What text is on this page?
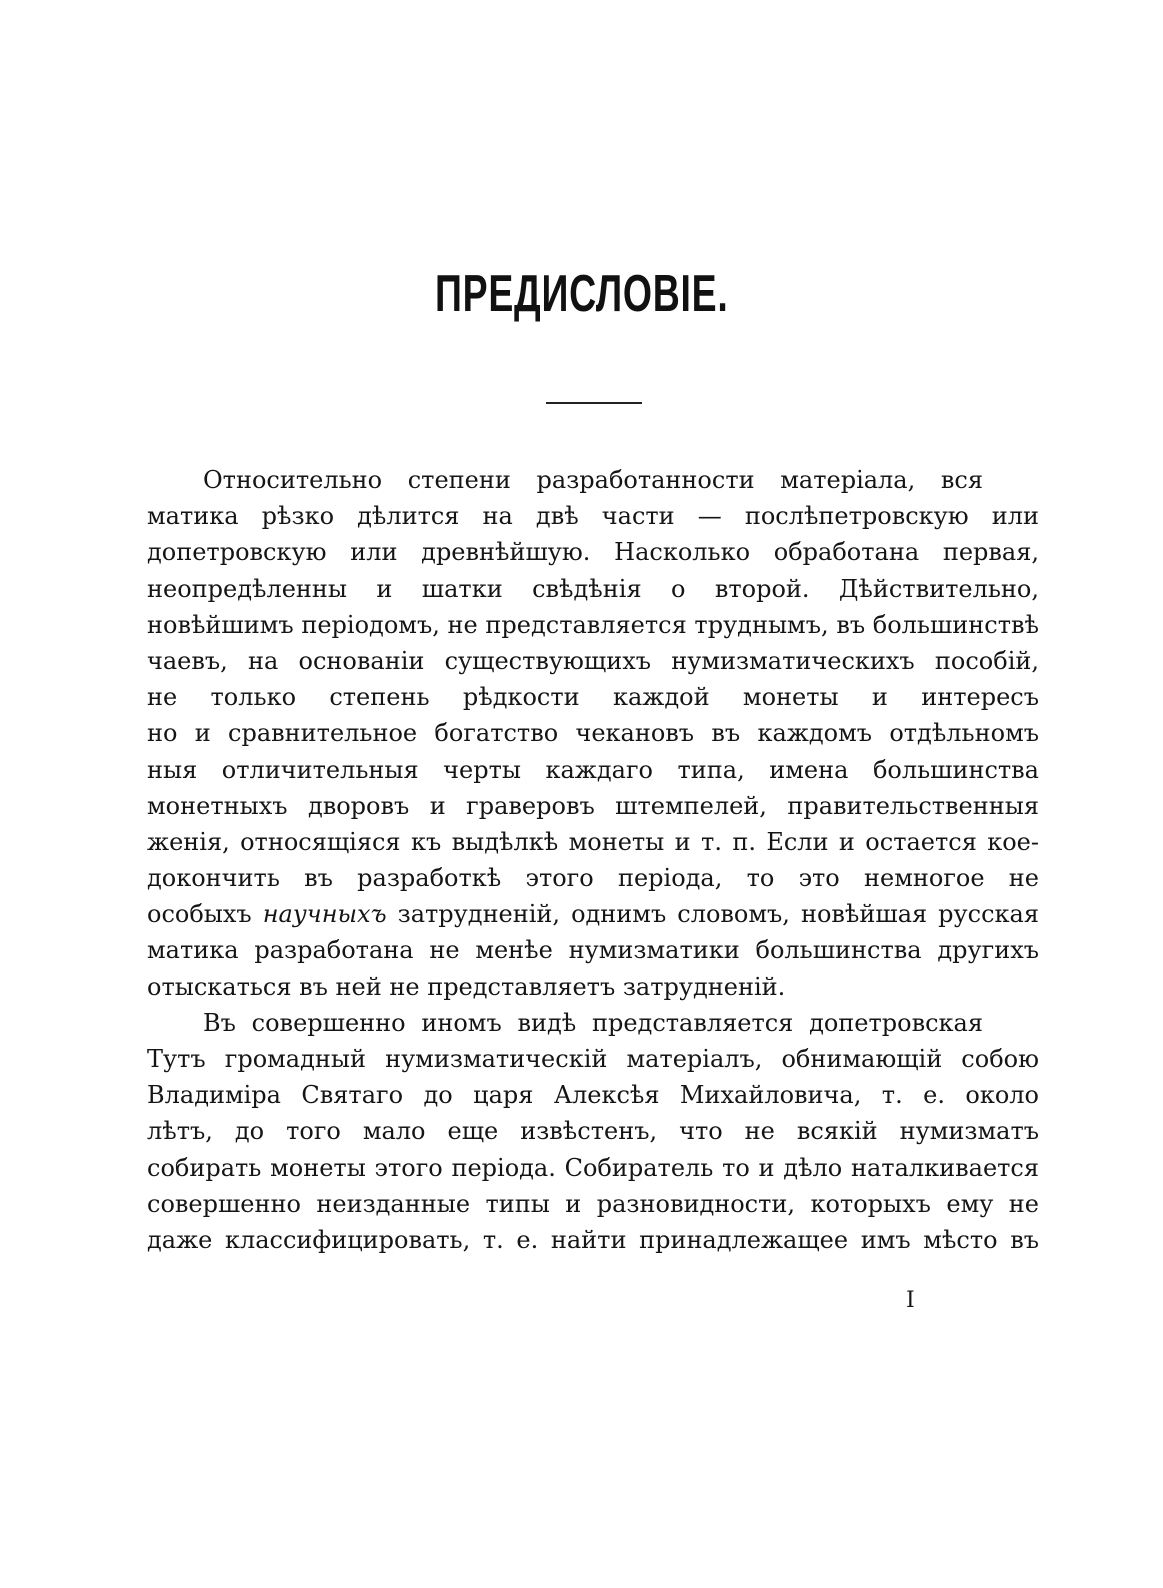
ПРЕДИСЛОВІЕ.
Относительно степени разработанности матеріала, вся
матика рѣзко дѣлится на двѣ части — послѣпетровскую или
допетровскую или древнѣйшую. Насколько обработана первая,
неопредѣленны и шатки свѣдѣнія о второй. Дѣйствительно,
новѣйшимъ періодомъ, не представляется труднымъ, въ большинствѣ
чаевъ, на основаніи существующихъ нумизматическихъ пособій,
не только степень рѣдкости каждой монеты и интересъ
но и сравнительное богатство чекановъ въ каждомъ отдѣльномъ
ныя отличительныя черты каждаго типа, имена большинства
монетныхъ дворовъ и граверовъ штемпелей, правительственныя
женія, относящіяся къ выдѣлкѣ монеты и т. п. Если и остается кое-
докончить въ разработкѣ этого періода, то это немногое не
особыхъ научныхъ затрудненій, однимъ словомъ, новѣйшая русская
матика разработана не менѣе нумизматики большинства другихъ
отыскаться въ ней не представляетъ затрудненій.
Въ совершенно иномъ видѣ представляется допетровская
Тутъ громадный нумизматическій матеріалъ, обнимающій собою
Владиміра Святаго до царя Алексѣя Михайловича, т. е. около
лѣтъ, до того мало еще извѣстенъ, что не всякій нумизматъ
собирать монеты этого періода. Собиратель то и дѣло наталкивается
совершенно неизданные типы и разновидности, которыхъ ему не
даже классифицировать, т. е. найти принадлежащее имъ мѣсто въ
I
